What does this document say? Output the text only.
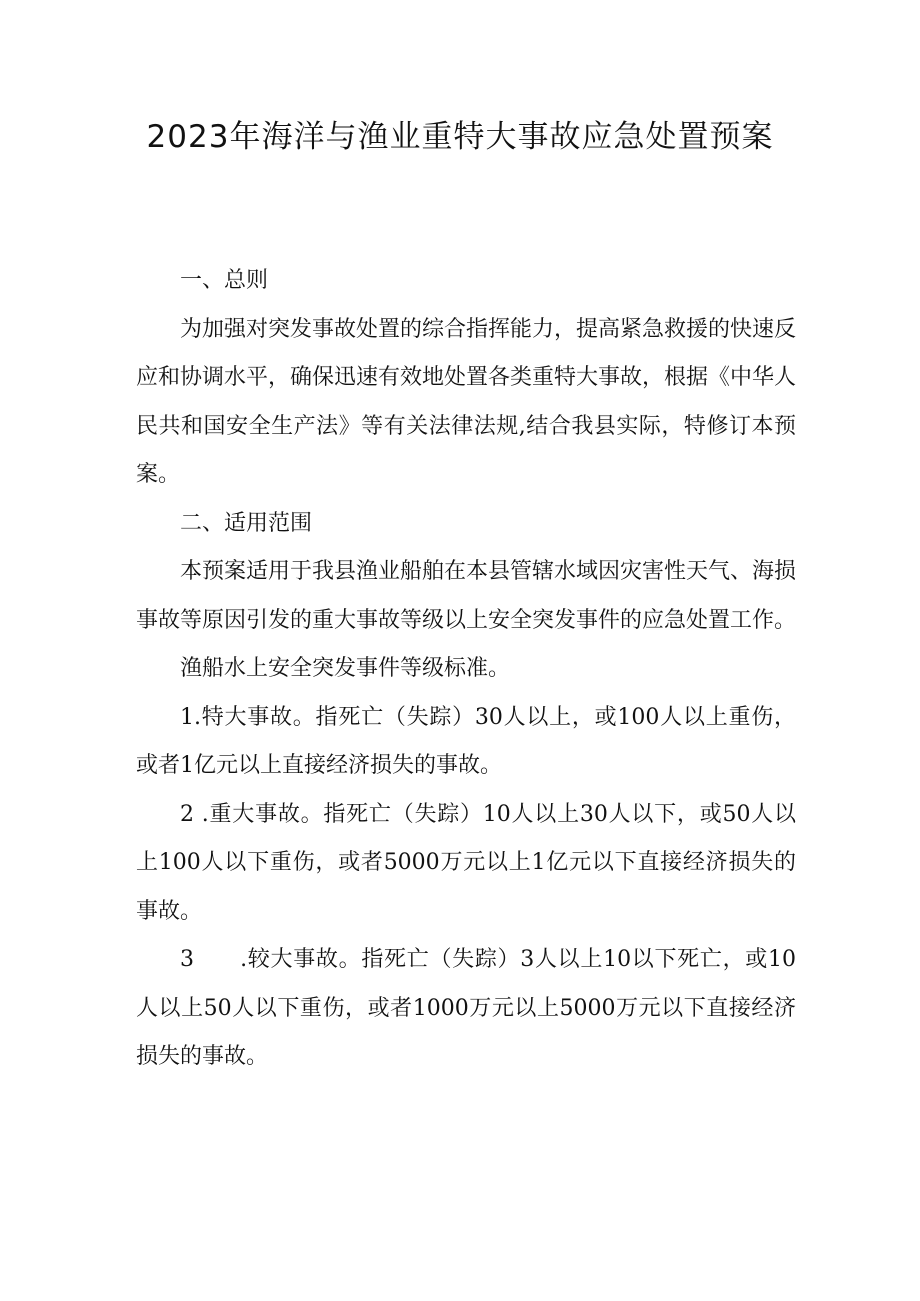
2023年海洋与渔业重特大事故应急处置预案

一、总则

为加强对突发事故处置的综合指挥能力，提高紧急救援的快速反应和协调水平，确保迅速有效地处置各类重特大事故，根据《中华人民共和国安全生产法》等有关法律法规,结合我县实际，特修订本预案。

二、适用范围

本预案适用于我县渔业船舶在本县管辖水域因灾害性天气、海损事故等原因引发的重大事故等级以上安全突发事件的应急处置工作。

渔船水上安全突发事件等级标准。

1.特大事故。指死亡（失踪）30人以上，或100人以上重伤，或者1亿元以上直接经济损失的事故。

2 .重大事故。指死亡（失踪）10人以上30人以下，或50人以上100人以下重伤，或者5000万元以上1亿元以下直接经济损失的事故。

3　　.较大事故。指死亡（失踪）3人以上10以下死亡，或10人以上50人以下重伤，或者1000万元以上5000万元以下直接经济损失的事故。
